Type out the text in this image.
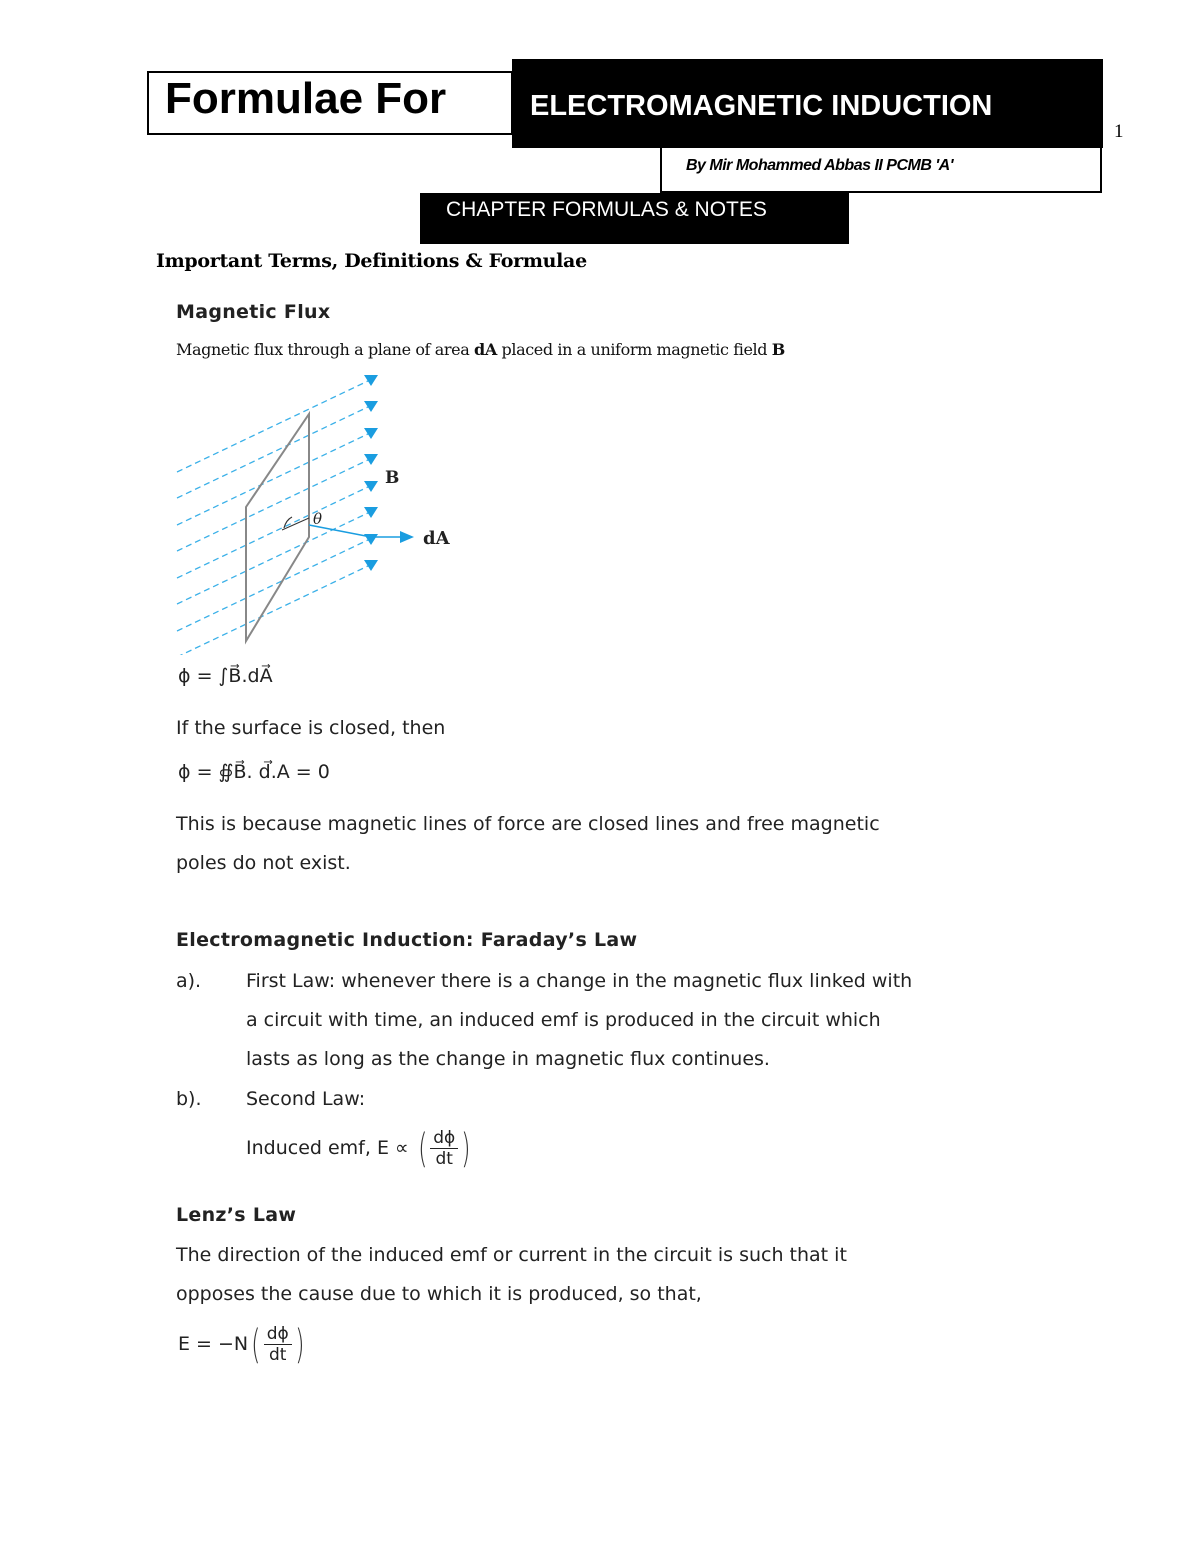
Formulae For	ELECTROMAGNETIC INDUCTION
By Mir Mohammed Abbas II PCMB 'A'
1
CHAPTER FORMULAS & NOTES
Important Terms, Definitions & Formulae
Magnetic Flux
Magnetic flux through a plane of area dA placed in a uniform magnetic field B
θ
B
dA
ϕ = ∫B⃗.dA⃗
If the surface is closed, then
ϕ = ∯B⃗. d⃗.A = 0
This is because magnetic lines of force are closed lines and free magnetic
poles do not exist.
Electromagnetic Induction: Faraday’s Law
a). First Law: whenever there is a change in the magnetic flux linked with
a circuit with time, an induced emf is produced in the circuit which
lasts as long as the change in magnetic flux continues.
b). Second Law:
Induced emf, E ∝ ( $\frac{d\phi}{dt}$ )
Lenz’s Law
The direction of the induced emf or current in the circuit is such that it
opposes the cause due to which it is produced, so that,
$E = -N( \frac{d\phi}{dt}$ )
